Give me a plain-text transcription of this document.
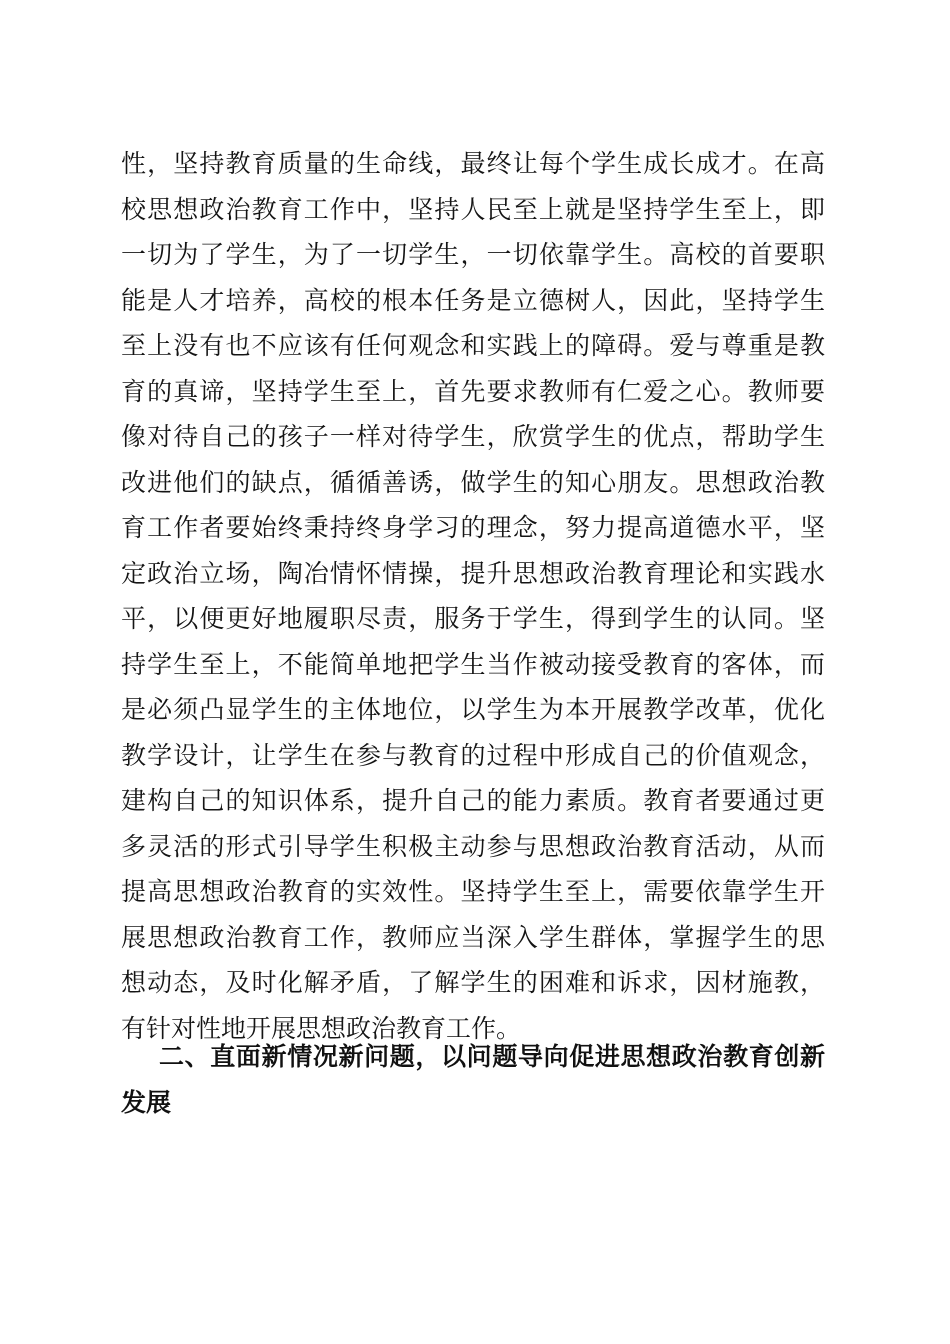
性，坚持教育质量的生命线，最终让每个学生成长成才。在高
校思想政治教育工作中，坚持人民至上就是坚持学生至上，即
一切为了学生，为了一切学生，一切依靠学生。高校的首要职
能是人才培养，高校的根本任务是立德树人，因此，坚持学生
至上没有也不应该有任何观念和实践上的障碍。爱与尊重是教
育的真谛，坚持学生至上，首先要求教师有仁爱之心。教师要
像对待自己的孩子一样对待学生，欣赏学生的优点，帮助学生
改进他们的缺点，循循善诱，做学生的知心朋友。思想政治教
育工作者要始终秉持终身学习的理念，努力提高道德水平，坚
定政治立场，陶冶情怀情操，提升思想政治教育理论和实践水
平，以便更好地履职尽责，服务于学生，得到学生的认同。坚
持学生至上，不能简单地把学生当作被动接受教育的客体，而
是必须凸显学生的主体地位，以学生为本开展教学改革，优化
教学设计，让学生在参与教育的过程中形成自己的价值观念，
建构自己的知识体系，提升自己的能力素质。教育者要通过更
多灵活的形式引导学生积极主动参与思想政治教育活动，从而
提高思想政治教育的实效性。坚持学生至上，需要依靠学生开
展思想政治教育工作，教师应当深入学生群体，掌握学生的思
想动态，及时化解矛盾，了解学生的困难和诉求，因材施教，
有针对性地开展思想政治教育工作。
二、直面新情况新问题，以问题导向促进思想政治教育创新
发展
